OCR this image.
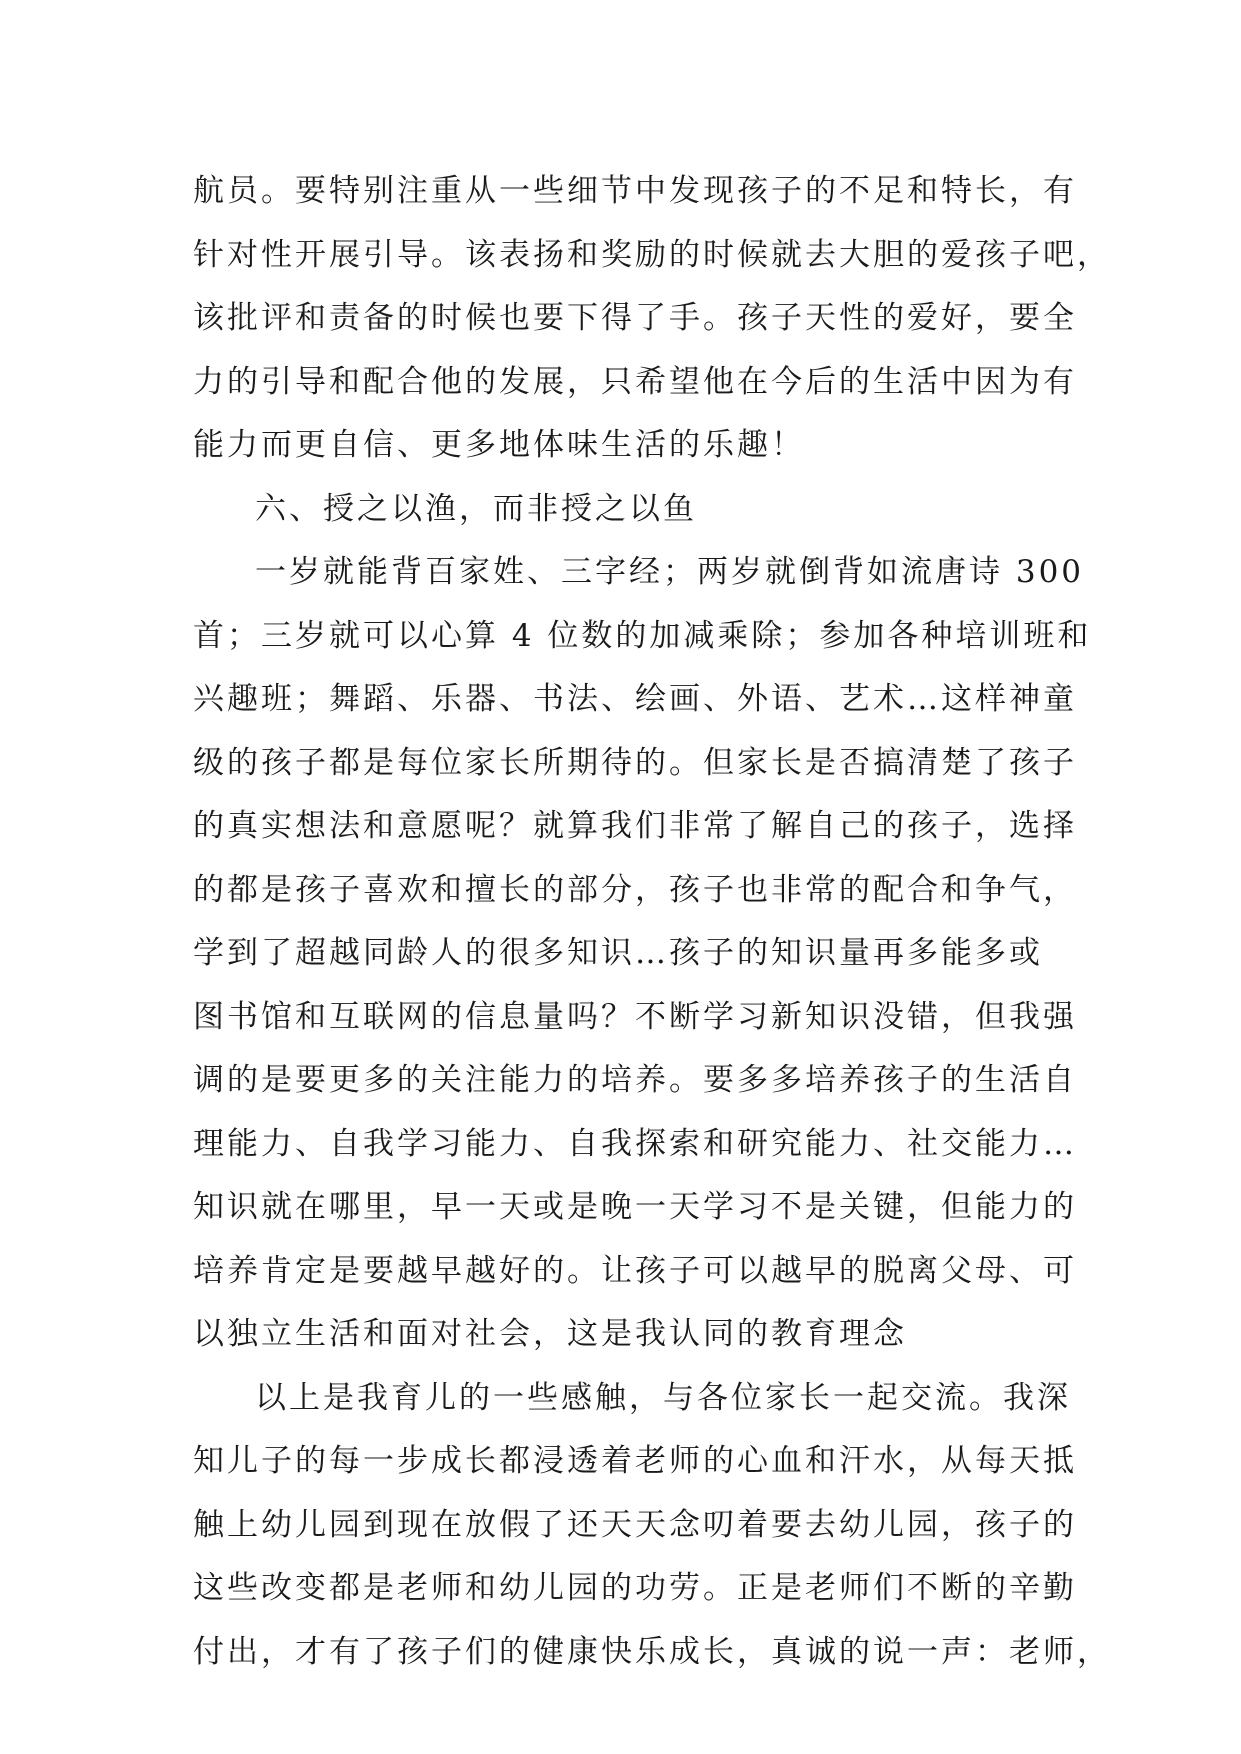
航员。要特别注重从一些细节中发现孩子的不足和特长，有
针对性开展引导。该表扬和奖励的时候就去大胆的爱孩子吧，
该批评和责备的时候也要下得了手。孩子天性的爱好，要全
力的引导和配合他的发展，只希望他在今后的生活中因为有
能力而更自信、更多地体味生活的乐趣！
六、授之以渔，而非授之以鱼
一岁就能背百家姓、三字经；两岁就倒背如流唐诗 300
首；三岁就可以心算 4 位数的加减乘除；参加各种培训班和
兴趣班；舞蹈、乐器、书法、绘画、外语、艺术…这样神童
级的孩子都是每位家长所期待的。但家长是否搞清楚了孩子
的真实想法和意愿呢？就算我们非常了解自己的孩子，选择
的都是孩子喜欢和擅长的部分，孩子也非常的配合和争气，
学到了超越同龄人的很多知识…孩子的知识量再多能多或
图书馆和互联网的信息量吗？不断学习新知识没错，但我强
调的是要更多的关注能力的培养。要多多培养孩子的生活自
理能力、自我学习能力、自我探索和研究能力、社交能力…
知识就在哪里，早一天或是晚一天学习不是关键，但能力的
培养肯定是要越早越好的。让孩子可以越早的脱离父母、可
以独立生活和面对社会，这是我认同的教育理念
以上是我育儿的一些感触，与各位家长一起交流。我深
知儿子的每一步成长都浸透着老师的心血和汗水，从每天抵
触上幼儿园到现在放假了还天天念叨着要去幼儿园，孩子的
这些改变都是老师和幼儿园的功劳。正是老师们不断的辛勤
付出，才有了孩子们的健康快乐成长，真诚的说一声：老师，
